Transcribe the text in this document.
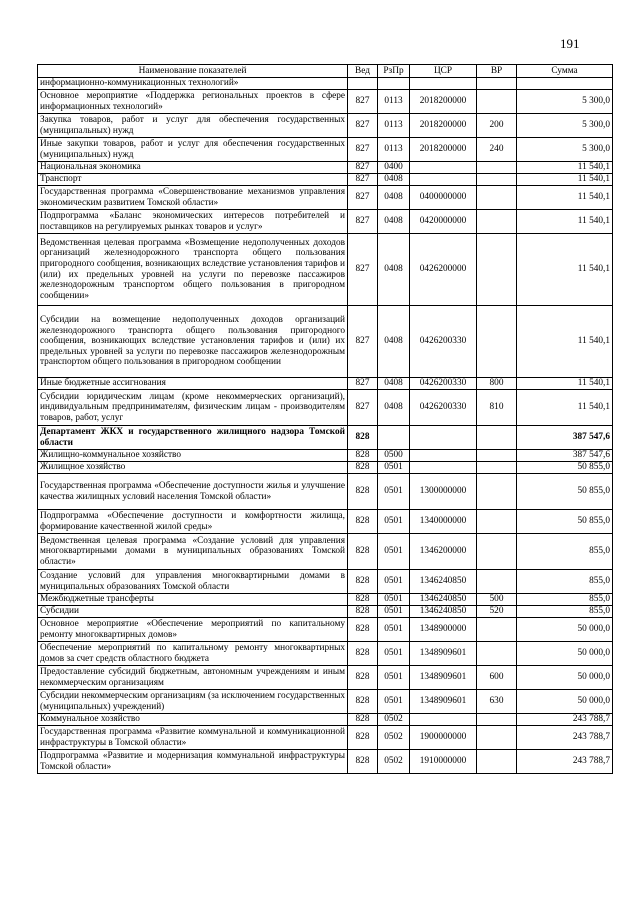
191
Наименование показателей	Вед	РзПр	ЦСР	ВР	Сумма
информационно-коммуникационных технологий»					
Основное мероприятие «Поддержка региональных проектов в сфере информационных технологий»	827	0113	2018200000		5 300,0
Закупка товаров, работ и услуг для обеспечения государственных (муниципальных) нужд	827	0113	2018200000	200	5 300,0
Иные закупки товаров, работ и услуг для обеспечения государственных (муниципальных) нужд	827	0113	2018200000	240	5 300,0
Национальная экономика	827	0400			11 540,1
Транспорт	827	0408			11 540,1
Государственная программа «Совершенствование механизмов управления экономическим развитием Томской области»	827	0408	0400000000		11 540,1
Подпрограмма «Баланс экономических интересов потребителей и поставщиков на регулируемых рынках товаров и услуг»	827	0408	0420000000		11 540,1
Ведомственная целевая программа «Возмещение недополученных доходов организаций железнодорожного транспорта общего пользования пригородного сообщения, возникающих вследствие установления тарифов и (или) их предельных уровней на услуги по перевозке пассажиров железнодорожным транспортом общего пользования в пригородном сообщении»	827	0408	0426200000		11 540,1
Субсидии на возмещение недополученных доходов организаций железнодорожного транспорта общего пользования пригородного сообщения, возникающих вследствие установления тарифов и (или) их предельных уровней за услуги по перевозке пассажиров железнодорожным транспортом общего пользования в пригородном сообщении	827	0408	0426200330		11 540,1
Иные бюджетные ассигнования	827	0408	0426200330	800	11 540,1
Субсидии юридическим лицам (кроме некоммерческих организаций), индивидуальным предпринимателям, физическим лицам - производителям товаров, работ, услуг	827	0408	0426200330	810	11 540,1
Департамент ЖКХ и государственного жилищного надзора Томской области	828				387 547,6
Жилищно-коммунальное хозяйство	828	0500			387 547,6
Жилищное хозяйство	828	0501			50 855,0
Государственная программа «Обеспечение доступности жилья и улучшение качества жилищных условий населения Томской области»	828	0501	1300000000		50 855,0
Подпрограмма «Обеспечение доступности и комфортности жилища, формирование качественной жилой среды»	828	0501	1340000000		50 855,0
Ведомственная целевая программа «Создание условий для управления многоквартирными домами в муниципальных образованиях Томской области»	828	0501	1346200000		855,0
Создание условий для управления многоквартирными домами в муниципальных образованиях Томской области	828	0501	1346240850		855,0
Межбюджетные трансферты	828	0501	1346240850	500	855,0
Субсидии	828	0501	1346240850	520	855,0
Основное мероприятие «Обеспечение мероприятий по капитальному ремонту многоквартирных домов»	828	0501	1348900000		50 000,0
Обеспечение мероприятий по капитальному ремонту многоквартирных домов за счет средств областного бюджета	828	0501	1348909601		50 000,0
Предоставление субсидий бюджетным, автономным учреждениям и иным некоммерческим организациям	828	0501	1348909601	600	50 000,0
Субсидии некоммерческим организациям (за исключением государственных (муниципальных) учреждений)	828	0501	1348909601	630	50 000,0
Коммунальное хозяйство	828	0502			243 788,7
Государственная программа «Развитие коммунальной и коммуникационной инфраструктуры в Томской области»	828	0502	1900000000		243 788,7
Подпрограмма «Развитие и модернизация коммунальной инфраструктуры Томской области»	828	0502	1910000000		243 788,7
